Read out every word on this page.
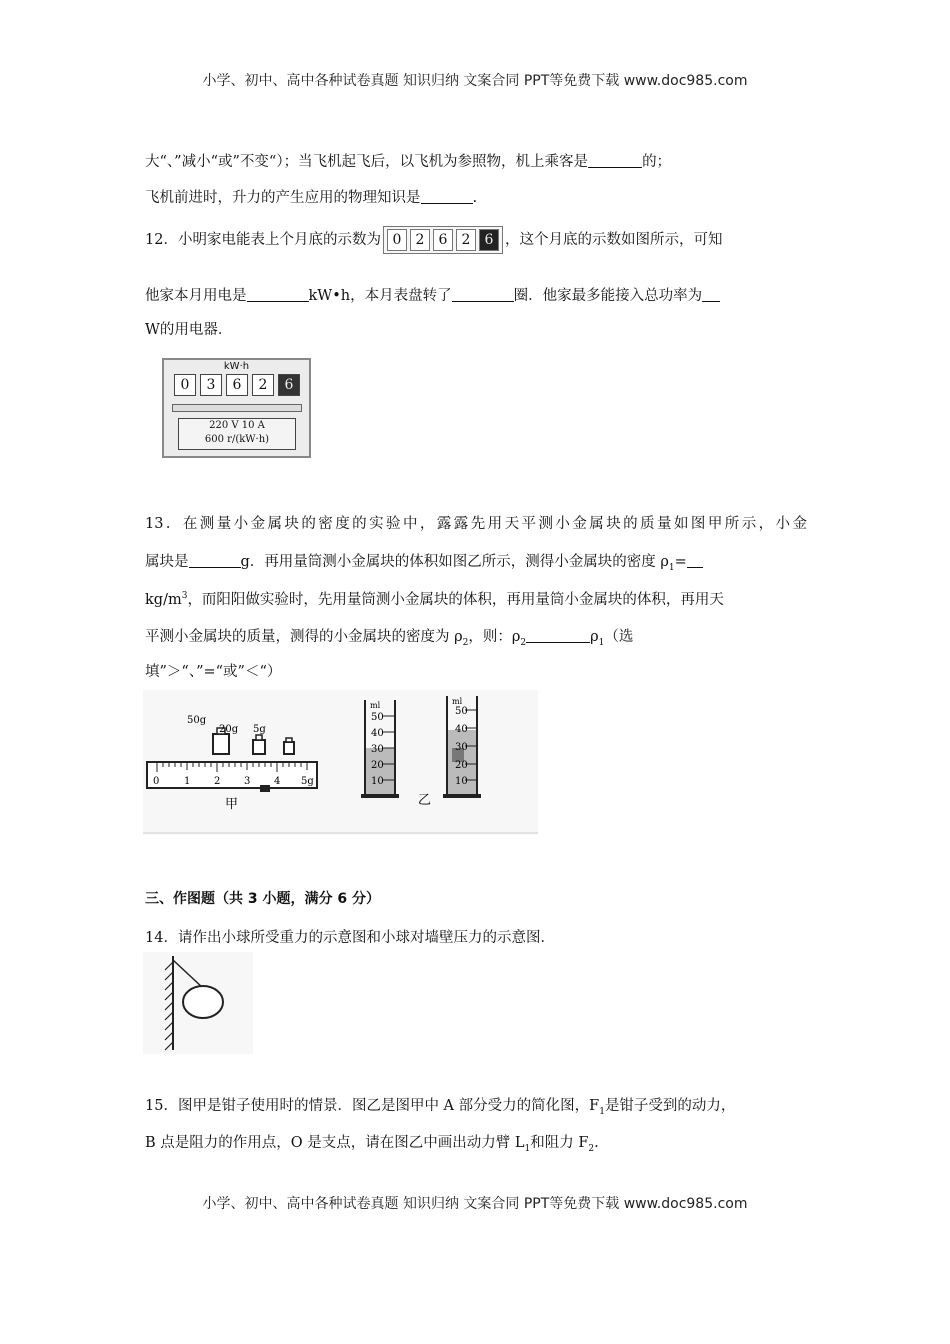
小学、初中、高中各种试卷真题 知识归纳 文案合同 PPT等免费下载 www.doc985.com
大“、”减小“或”不变“）；当飞机起飞后，以飞机为参照物，机上乘客是	的；
飞机前进时，升力的产生应用的物理知识是	.
12．小明家电能表上个月底的示数为 0	2	6	2	6 ，这个月底的示数如图所示，可知
他家本月用电是	kW•h，本月表盘转了	圈．他家最多能接入总功率为
W的用电器．
kW·h
0	3	6	2	6
220 V 10 A
600 r/(kW·h)
13．在测量小金属块的密度的实验中，露露先用天平测小金属块的质量如图甲所示，小金
属块是	g．再用量筒测小金属块的体积如图乙所示，测得小金属块的密度 $\rho_1=$
$kg/m^3$，而阳阳做实验时，先用量筒测小金属块的体积，再用量筒小金属块的体积，再用天
平测小金属块的质量，测得的小金属块的密度为 $\rho_2$，则：$\rho_2$	$\rho_1$（选
填”＞“、”=“或”＜“）
50g
20g 5g
0 1 2 3 4 5g
甲
ml
50
40
30
20
10
乙
ml
50
40
30
20
10
三、作图题（共 3 小题，满分 6 分）
14．请作出小球所受重力的示意图和小球对墙壁压力的示意图．
15．图甲是钳子使用时的情景．图乙是图甲中 A 部分受力的简化图，$F_1$是钳子受到的动力，
B 点是阻力的作用点，O 是支点，请在图乙中画出动力臂 $L_1$和阻力 $F_2$.
小学、初中、高中各种试卷真题 知识归纳 文案合同 PPT等免费下载 www.doc985.com
